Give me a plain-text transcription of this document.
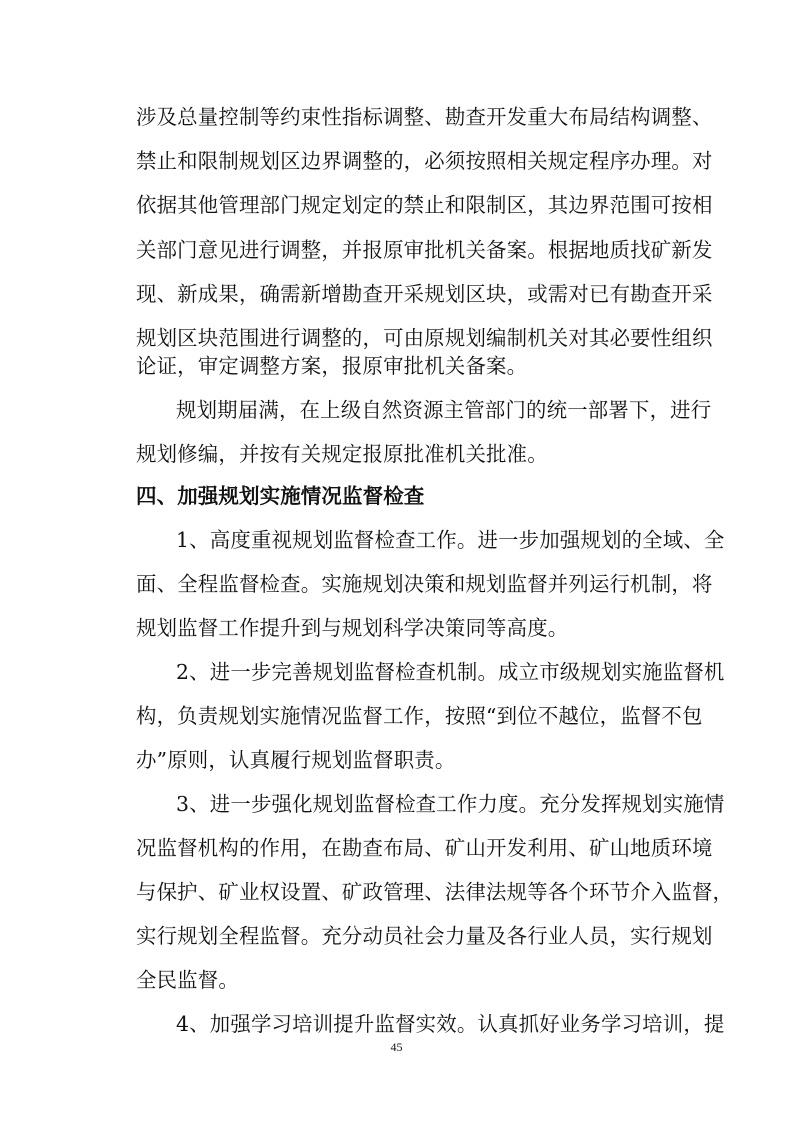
涉及总量控制等约束性指标调整、勘查开发重大布局结构调整、
禁止和限制规划区边界调整的，必须按照相关规定程序办理。对
依据其他管理部门规定划定的禁止和限制区，其边界范围可按相
关部门意见进行调整，并报原审批机关备案。根据地质找矿新发
现、新成果，确需新增勘查开采规划区块，或需对已有勘查开采
规划区块范围进行调整的，可由原规划编制机关对其必要性组织
论证，审定调整方案，报原审批机关备案。
规划期届满，在上级自然资源主管部门的统一部署下，进行
规划修编，并按有关规定报原批准机关批准。
四、加强规划实施情况监督检查
1、高度重视规划监督检查工作。进一步加强规划的全域、全
面、全程监督检查。实施规划决策和规划监督并列运行机制，将
规划监督工作提升到与规划科学决策同等高度。
2、进一步完善规划监督检查机制。成立市级规划实施监督机
构，负责规划实施情况监督工作，按照“到位不越位，监督不包
办”原则，认真履行规划监督职责。
3、进一步强化规划监督检查工作力度。充分发挥规划实施情
况监督机构的作用，在勘查布局、矿山开发利用、矿山地质环境
与保护、矿业权设置、矿政管理、法律法规等各个环节介入监督，
实行规划全程监督。充分动员社会力量及各行业人员，实行规划
全民监督。
4、加强学习培训提升监督实效。认真抓好业务学习培训，提
45
